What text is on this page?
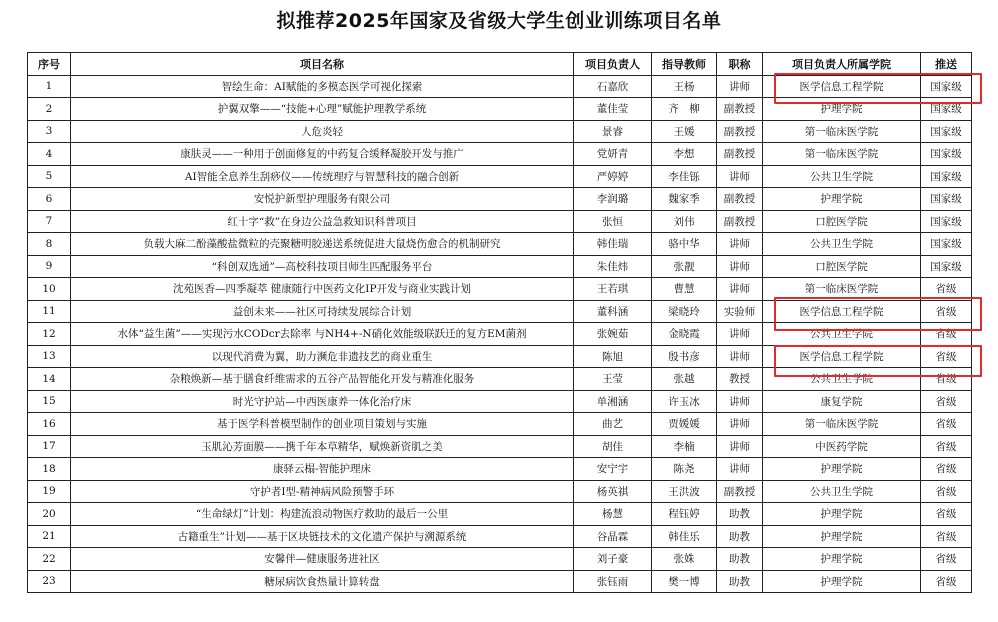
拟推荐2025年国家及省级大学生创业训练项目名单
序号	项目名称	项目负责人	指导教师	职称	项目负责人所属学院	推送
1	智绘生命：AI赋能的多模态医学可视化探索	石嘉欣	王杨	讲师	医学信息工程学院	国家级
2	护翼双擎——“技能+心理”赋能护理教学系统	董佳莹	齐　柳	副教授	护理学院	国家级
3	人危炎轻	景睿	王媛	副教授	第一临床医学院	国家级
4	康肤灵——一种用于创面修复的中药复合缓释凝胶开发与推广	党妍青	李想	副教授	第一临床医学院	国家级
5	AI智能全息养生刮痧仪——传统理疗与智慧科技的融合创新	严婷婷	李佳铄	讲师	公共卫生学院	国家级
6	安悦护新型护理服务有限公司	李润璐	魏家季	副教授	护理学院	国家级
7	红十字“救”在身边公益急救知识科普项目	张恒	刘伟	副教授	口腔医学院	国家级
8	负载大麻二酚藻酸盐微粒的壳聚糖明胶递送系统促进大鼠烧伤愈合的机制研究	韩佳瑞	骆中华	讲师	公共卫生学院	国家级
9	“科创双选通”—高校科技项目师生匹配服务平台	朱佳炜	张靓	讲师	口腔医学院	国家级
10	沈苑医香—四季凝萃 健康随行中医药文化IP开发与商业实践计划	王若琪	曹慧	讲师	第一临床医学院	省级
11	益创未来——社区可持续发展综合计划	董科涵	梁晓玲	实验师	医学信息工程学院	省级
12	水体“益生菌”——实现污水CODcr去除率 与NH4+-N硝化效能级联跃迁的复方EM菌剂	张婉茹	金晓霞	讲师	公共卫生学院	省级
13	以现代消费为翼，助力濒危非遗技艺的商业重生	陈旭	殷书彦	讲师	医学信息工程学院	省级
14	杂粮焕新—基于膳食纤维需求的五谷产品智能化开发与精准化服务	王莹	张越	教授	公共卫生学院	省级
15	时光守护站—中西医康养一体化治疗床	单湘涵	许玉冰	讲师	康复学院	省级
16	基于医学科普模型制作的创业项目策划与实施	曲艺	贾媛媛	讲师	第一临床医学院	省级
17	玉肌沁芳面膜——携千年本草精华，赋焕新资肌之美	胡佳	李楠	讲师	中医药学院	省级
18	康驿云榻-智能护理床	安宁宇	陈尧	讲师	护理学院	省级
19	守护者Ⅰ型-精神病风险预警手环	杨英祺	王洪波	副教授	公共卫生学院	省级
20	“生命绿灯”计划：构建流浪动物医疗救助的最后一公里	杨慧	程钰婷	助教	护理学院	省级
21	古籍重生”计划——基于区块链技术的文化遗产保护与溯源系统	谷晶霖	韩佳乐	助教	护理学院	省级
22	安馨伴—健康服务进社区	刘子豪	张姝	助教	护理学院	省级
23	糖尿病饮食热量计算转盘	张钰雨	樊一博	助教	护理学院	省级
